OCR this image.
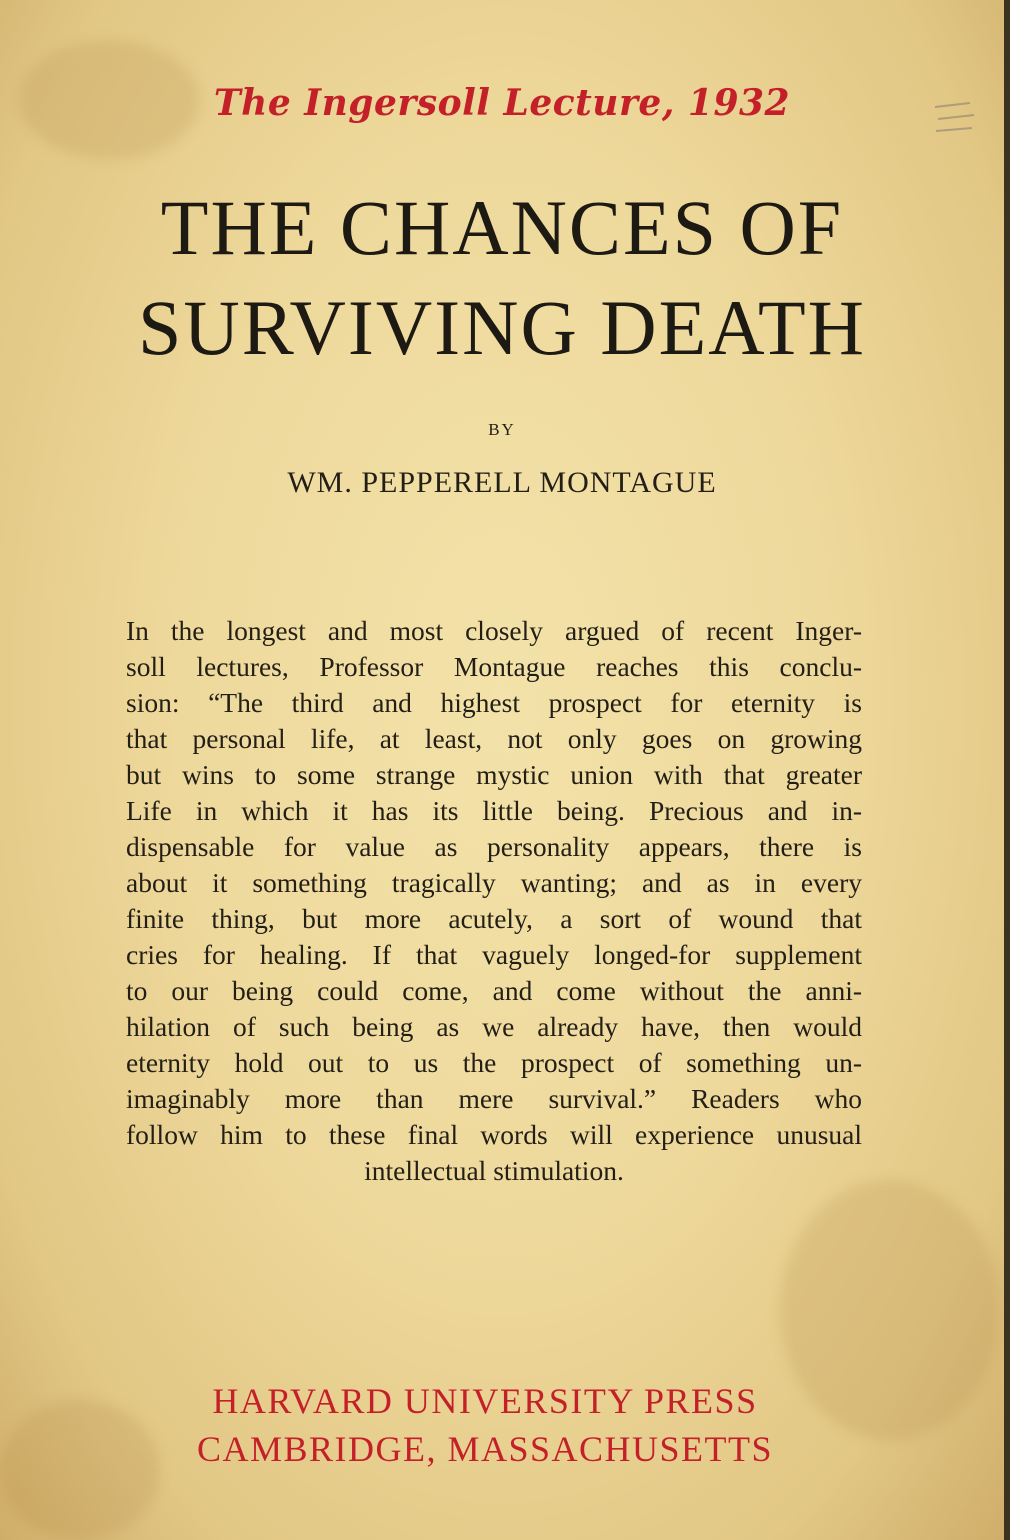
The Ingersoll Lecture, 1932
THE CHANCES OF
SURVIVING DEATH
BY
WM. PEPPERELL MONTAGUE

In the longest and most closely argued of recent Inger-
soll lectures, Professor Montague reaches this conclu-
sion: “The third and highest prospect for eternity is
that personal life, at least, not only goes on growing
but wins to some strange mystic union with that greater
Life in which it has its little being. Precious and in-
dispensable for value as personality appears, there is
about it something tragically wanting; and as in every
finite thing, but more acutely, a sort of wound that
cries for healing. If that vaguely longed-for supplement
to our being could come, and come without the anni-
hilation of such being as we already have, then would
eternity hold out to us the prospect of something un-
imaginably more than mere survival.” Readers who
follow him to these final words will experience unusual
intellectual stimulation.

HARVARD UNIVERSITY PRESS
CAMBRIDGE, MASSACHUSETTS
